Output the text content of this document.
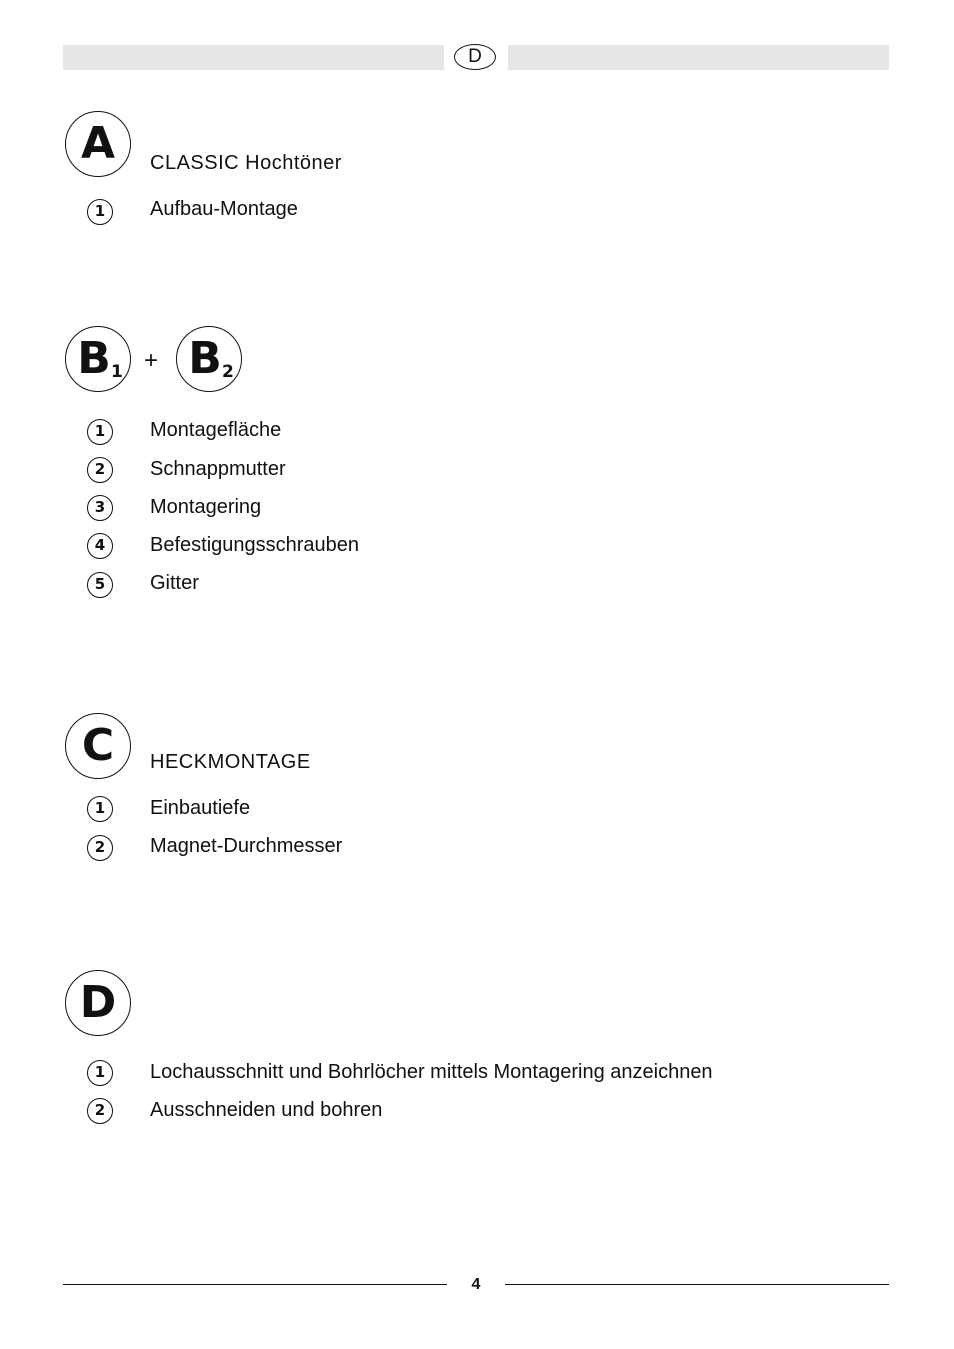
D
A	CLASSIC Hochtöner
1	Aufbau-Montage
B 1 + B 2
1	Montagefläche
2	Schnappmutter
3	Montagering
4	Befestigungsschrauben
5	Gitter
C	HECKMONTAGE
1	Einbautiefe
2	Magnet-Durchmesser
D
1	Lochausschnitt und Bohrlöcher mittels Montagering anzeichnen
2	Ausschneiden und bohren
4
